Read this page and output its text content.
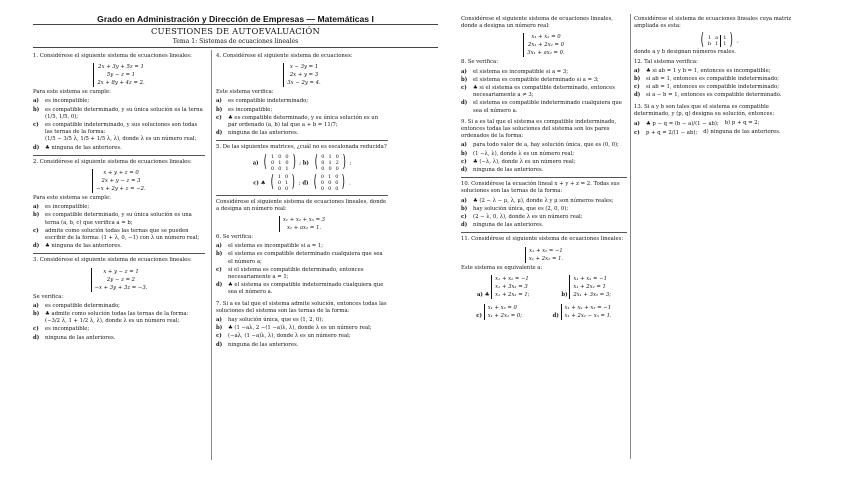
Grado en Administración y Dirección de Empresas — Matemáticas I
CUESTIONES DE AUTOEVALUACIÓN
Tema 1: Sistemas de ecuaciones lineales

1. Considérese el siguiente sistema de ecuaciones lineales:

2x + 3y + 5z = 1
5y − z = 1
2x + 8y + 4z = 2.

Para este sistema se cumple:

a)	es incompatible;
b)	es compatible determinado, y su única solución es la terna (1/5, 1/5, 0);
c)	es compatible indeterminado, y sus soluciones son todas las ternas de la forma:
(1/5 − 3/5 λ, 1/5 + 1/5 λ, λ), donde λ es un número real;
d)	♣ ninguna de las anteriores.

2. Considérese el siguiente sistema de ecuaciones lineales:

x + y + z = 0
2x + y − z = 3
−x + 2y + z = −2.

Para este sistema se cumple:

a)	es incompatible;
b)	es compatible determinado, y su única solución es una terna (a, b, c) que verifica a = b;
c)	admite como solución todas las ternas que se pueden escribir de la forma: (1 + λ, 0, −1) con λ un número real;
d)	♣ ninguna de las anteriores.

3. Considérese el siguiente sistema de ecuaciones lineales:

x + y − z = 1
2y − z = 2
−x + 3y + 3z = −3.

Se verifica:

a)	es compatible determinado;
b)	♣ admite como solución todas las ternas de la forma:
(−3/2 λ, 1 + 1/2 λ, λ), donde λ es un número real;
c)	es incompatible;
d)	ninguna de las anteriores.

4. Considérese el siguiente sistema de ecuaciones:

x − 3y = 1
2x + y = 3
3x − 2y = 4.

Este sistema verifica:

a)	es compatible indeterminado;
b)	es incompatible;
c)	♣ es compatible determinado, y su única solución es un par ordenado (a, b) tal que a + b = 11/7;
d)	ninguna de las anteriores.

5. De las siguientes matrices, ¿cuál no es escalonada reducida?

a) ( 1	0	0
0	1	0
0	0	1 ) ; b) ( 0	1	0
0	1	2
0	0	0 ) ;
c) ♣ ( 1	0
0	1
0	0 ) ; d) ( 0	1	0
0	0	0
0	0	0 ) .

Considérese el siguiente sistema de ecuaciones lineales, donde a designa un número real:

x₁ + x₂ + x₃ = 3
x₁ + ax₂ = 1.

6. Se verifica:

a)	el sistema es incompatible si a = 1;
b)	el sistema es compatible determinado cualquiera que sea el número a;
c)	si el sistema es compatible determinado, entonces necesariamente a = 1;
d)	♣ el sistema es compatible indeterminado cualquiera que sea el número a.

7. Si a es tal que el sistema admite solución, entonces todas las soluciones del sistema son las ternas de la forma:

a)	hay solución única, que es (1, 2, 0);
b)	♣ (1 −aλ, 2 −(1 −a)λ, λ), donde λ es un número real;
c)	(−aλ, (1 −a)λ, λ), donde λ es un número real;
d)	ninguna de las anteriores.

Considérese el siguiente sistema de ecuaciones lineales, donde a designa un número real:

x₁ + x₂ = 0
2x₁ + 2x₂ = 0
3x₁ + ax₂ = 0.

8. Se verifica:

a)	el sistema es incompatible si a = 3;
b)	el sistema es compatible determinado si a = 3;
c)	♣ si el sistema es compatible determinado, entonces necesariamente a ≠ 3;
d)	el sistema es compatible indeterminado cualquiera que sea el número a.

9. Si a es tal que el sistema es compatible indeterminado, entonces todas las soluciones del sistema son los pares ordenados de la forma:

a)	para todo valor de a, hay solución única, que es (0, 0);
b)	(1 −λ, λ), donde λ es un número real;
c)	♣ (−λ, λ), donde λ es un número real;
d)	ninguna de las anteriores.

10. Considérese la ecuación lineal x + y + z = 2. Todas sus soluciones son las ternas de la forma:

a)	♣ (2 − λ − μ, λ, μ), donde λ y μ son números reales;
b)	hay solución única, que es (2, 0, 0);
c)	(2 − λ, 0, λ), donde λ es un número real;
d)	ninguna de las anteriores.

11. Considérese el siguiente sistema de ecuaciones lineales:

x₁ + x₂ = −1
x₁ + 2x₂ = 1.

Este sistema es equivalente a:

a) ♣
x₁ + x₂ = −1
x₁ + 3x₂ = 3
x₁ + 2x₂ = 1;	b)
x₁ + x₂ = −1
x₁ + 2x₂ = 1
2x₁ + 3x₂ = 3;
c)
x₁ + x₂ = 0
x₁ + 2x₂ = 0;	d)
x₁ + x₂ + x₃ = −1
x₁ + 2x₂ − x₃ = 1.

Considérese el sistema de ecuaciones lineales cuya matriz ampliada es esta:

( 1	a	1
b	1	1 ) ,

donde a y b designan números reales.

12. Tal sistema verifica:

a)	♣ si ab = 1 y b = 1, entonces es incompatible;
b)	si ab = 1, entonces es compatible indeterminado;
c)	si ab = 1, entonces es compatible indeterminado;
d)	si a − b = 1, entonces es compatible determinado.

13. Si a y b son tales que el sistema es compatible determinado, y (p, q) designa su solución, entonces:

a)	♣ p − q = (b − a)/(1 − ab); b) p + q = 2;
c)	p + q = 2/(1 − ab); d) ninguna de las anteriores.
